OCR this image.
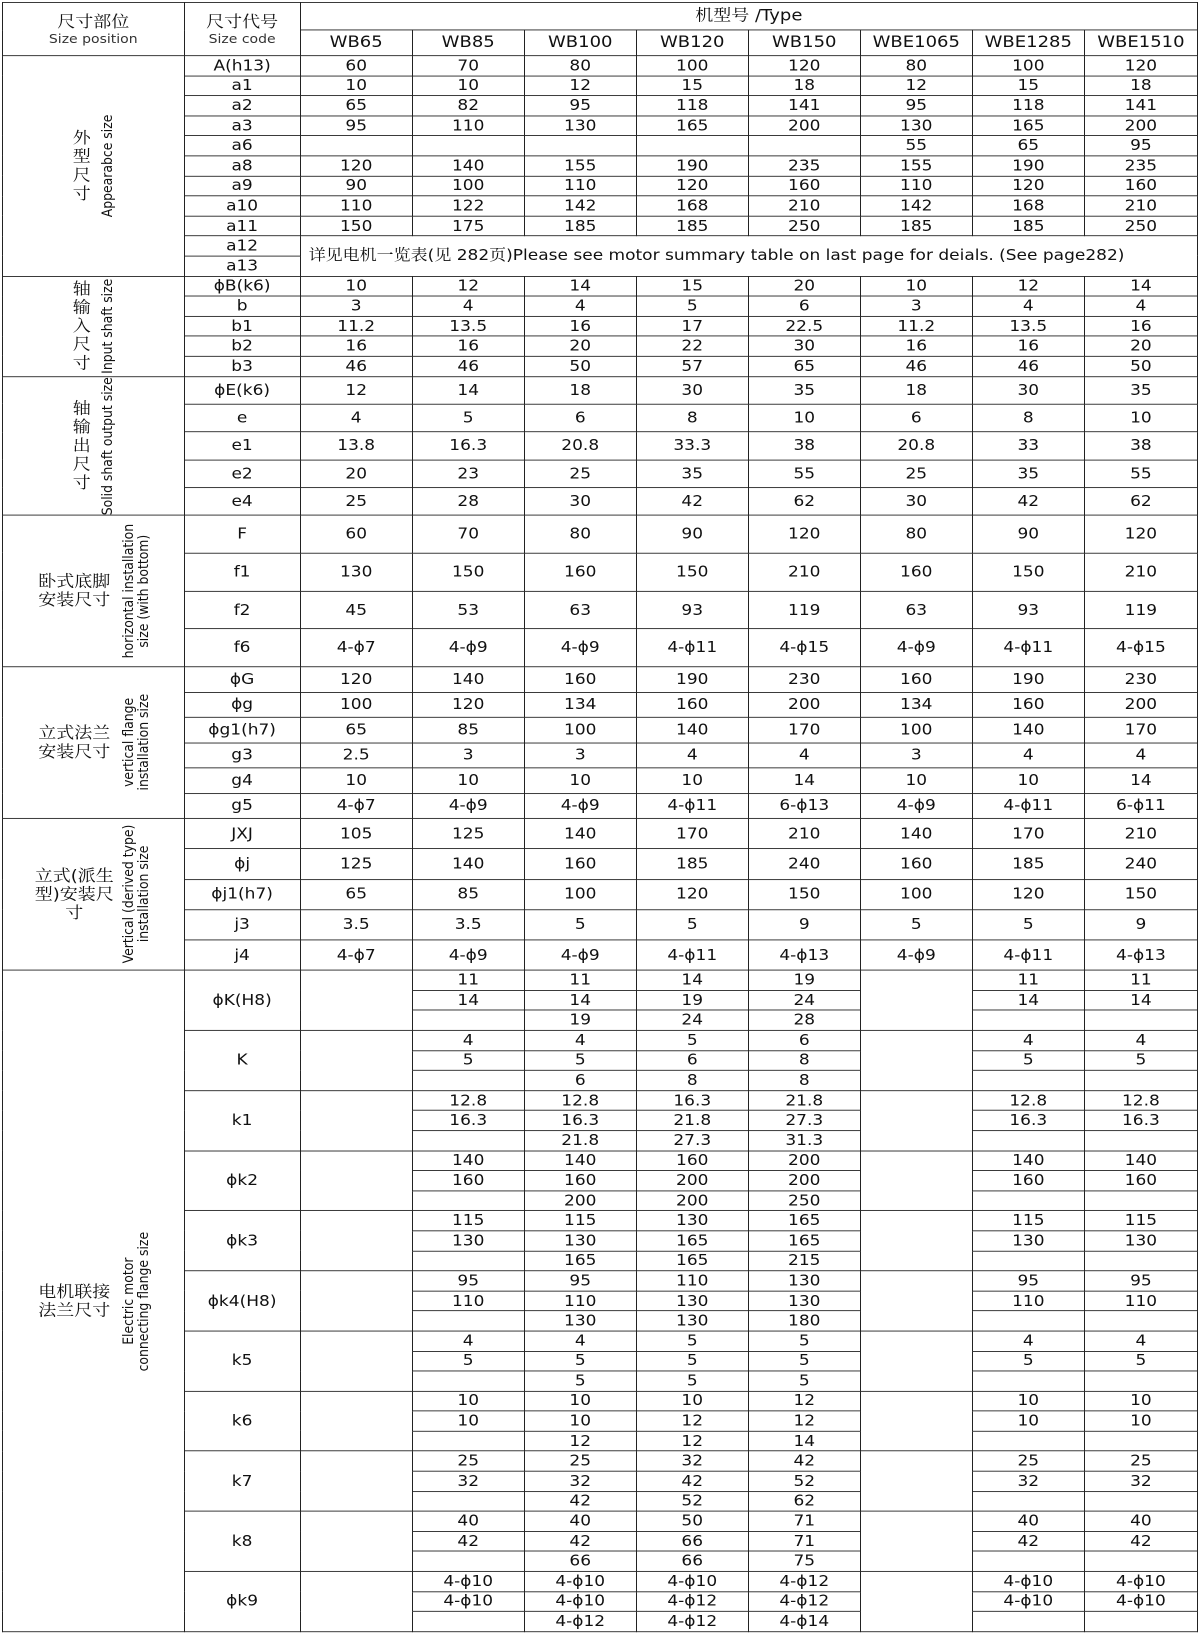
尺寸部位
Size position	尺寸代号
Size code	机型号 /Type							
		WB65	WB85	WB100	WB120	WB150	WBE1065	WBE1285	WBE1510

外型尺寸 Appearabce size	A(h13)	60	70	80	100	120	80	100	120
	a1	10	10	12	15	18	12	15	18
	a2	65	82	95	118	141	95	118	141
	a3	95	110	130	165	200	130	165	200
	a6						55	65	95
	a8	120	140	155	190	235	155	190	235
	a9	90	100	110	120	160	110	120	160
	a10	110	122	142	168	210	142	168	210
	a11	150	175	185	185	250	185	185	250
	a12	详见电机一览表(见 282页)Please see motor summary table on last page for deials. (See page282)							
	a13								

轴输入尺寸 Input shaft size	ϕB(k6)	10	12	14	15	20	10	12	14
	b	3	4	4	5	6	3	4	4
	b1	11.2	13.5	16	17	22.5	11.2	13.5	16
	b2	16	16	20	22	30	16	16	20
	b3	46	46	50	57	65	46	46	50

轴输出尺寸 Solid shaft output size	ϕE(k6)	12	14	18	30	35	18	30	35
	e	4	5	6	8	10	6	8	10
	e1	13.8	16.3	20.8	33.3	38	20.8	33	38
	e2	20	23	25	35	55	25	35	55
	e4	25	28	30	42	62	30	42	62

卧式底脚安装尺寸 horizontal installation size (with bottom)	F	60	70	80	90	120	80	90	120
	f1	130	150	160	150	210	160	150	210
	f2	45	53	63	93	119	63	93	119
	f6	4-ϕ7	4-ϕ9	4-ϕ9	4-ϕ11	4-ϕ15	4-ϕ9	4-ϕ11	4-ϕ15

立式法兰安装尺寸 vertical flange installation size	ϕG	120	140	160	190	230	160	190	230
	ϕg	100	120	134	160	200	134	160	200
	ϕg1(h7)	65	85	100	140	170	100	140	170
	g3	2.5	3	3	4	4	3	4	4
	g4	10	10	10	10	14	10	10	14
	g5	4-ϕ7	4-ϕ9	4-ϕ9	4-ϕ11	6-ϕ13	4-ϕ9	4-ϕ11	6-ϕ11

立式(派生型)安装尺寸 Vertical (derived type) installation size	JXJ	105	125	140	170	210	140	170	210
	ϕj	125	140	160	185	240	160	185	240
	ϕj1(h7)	65	85	100	120	150	100	120	150
	j3	3.5	3.5	5	5	9	5	5	9
	j4	4-ϕ7	4-ϕ9	4-ϕ9	4-ϕ11	4-ϕ13	4-ϕ9	4-ϕ11	4-ϕ13

电机联接法兰尺寸 Electric motor connecting flange size	ϕK(H8)		11	11	14	19		11	11
			14	14	19	24		14	14
				19	24	28			
	K		4	4	5	6		4	4
			5	5	6	8		5	5
				6	8	8			
	k1		12.8	12.8	16.3	21.8		12.8	12.8
			16.3	16.3	21.8	27.3		16.3	16.3
				21.8	27.3	31.3			
	ϕk2		140	140	160	200		140	140
			160	160	200	200		160	160
				200	200	250			
	ϕk3		115	115	130	165		115	115
			130	130	165	165		130	130
				165	165	215			
	ϕk4(H8)		95	95	110	130		95	95
			110	110	130	130		110	110
				130	130	180			
	k5		4	4	5	5		4	4
			5	5	5	5		5	5
				5	5	5			
	k6		10	10	10	12		10	10
			10	10	12	12		10	10
				12	12	14			
	k7		25	25	32	42		25	25
			32	32	42	52		32	32
				42	52	62			
	k8		40	40	50	71		40	40
			42	42	66	71		42	42
				66	66	75			
	ϕk9		4-ϕ10	4-ϕ10	4-ϕ10	4-ϕ12		4-ϕ10	4-ϕ10
			4-ϕ10	4-ϕ10	4-ϕ12	4-ϕ12		4-ϕ10	4-ϕ10
				4-ϕ12	4-ϕ12	4-ϕ14			
